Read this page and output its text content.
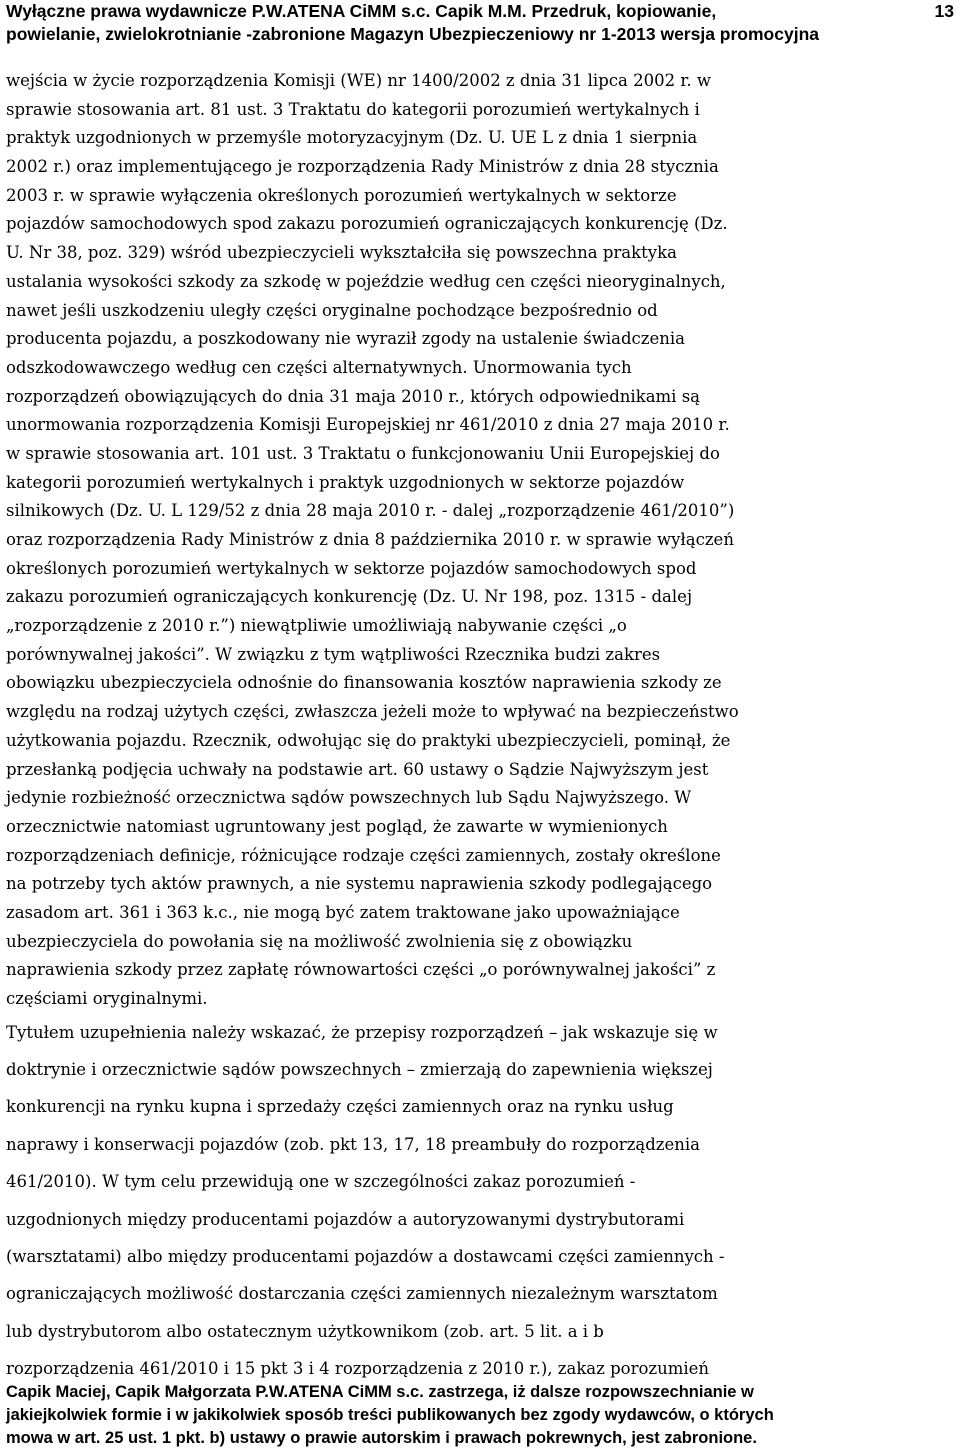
Wyłączne prawa wydawnicze P.W.ATENA CiMM s.c. Capik M.M. Przedruk, kopiowanie,
powielanie, zwielokrotnianie -zabronione Magazyn Ubezpieczeniowy nr 1-2013 wersja promocyjna
13
wejścia w życie rozporządzenia Komisji (WE) nr 1400/2002 z dnia 31 lipca 2002 r. w
sprawie stosowania art. 81 ust. 3 Traktatu do kategorii porozumień wertykalnych i
praktyk uzgodnionych w przemyśle motoryzacyjnym (Dz. U. UE L z dnia 1 sierpnia
2002 r.) oraz implementującego je rozporządzenia Rady Ministrów z dnia 28 stycznia
2003 r. w sprawie wyłączenia określonych porozumień wertykalnych w sektorze
pojazdów samochodowych spod zakazu porozumień ograniczających konkurencję (Dz.
U. Nr 38, poz. 329) wśród ubezpieczycieli wykształciła się powszechna praktyka
ustalania wysokości szkody za szkodę w pojeździe według cen części nieoryginalnych,
nawet jeśli uszkodzeniu uległy części oryginalne pochodzące bezpośrednio od
producenta pojazdu, a poszkodowany nie wyraził zgody na ustalenie świadczenia
odszkodowawczego według cen części alternatywnych. Unormowania tych
rozporządzeń obowiązujących do dnia 31 maja 2010 r., których odpowiednikami są
unormowania rozporządzenia Komisji Europejskiej nr 461/2010 z dnia 27 maja 2010 r.
w sprawie stosowania art. 101 ust. 3 Traktatu o funkcjonowaniu Unii Europejskiej do
kategorii porozumień wertykalnych i praktyk uzgodnionych w sektorze pojazdów
silnikowych (Dz. U. L 129/52 z dnia 28 maja 2010 r. - dalej „rozporządzenie 461/2010”)
oraz rozporządzenia Rady Ministrów z dnia 8 października 2010 r. w sprawie wyłączeń
określonych porozumień wertykalnych w sektorze pojazdów samochodowych spod
zakazu porozumień ograniczających konkurencję (Dz. U. Nr 198, poz. 1315 - dalej
„rozporządzenie z 2010 r.”) niewątpliwie umożliwiają nabywanie części „o
porównywalnej jakości”. W związku z tym wątpliwości Rzecznika budzi zakres
obowiązku ubezpieczyciela odnośnie do finansowania kosztów naprawienia szkody ze
względu na rodzaj użytych części, zwłaszcza jeżeli może to wpływać na bezpieczeństwo
użytkowania pojazdu. Rzecznik, odwołując się do praktyki ubezpieczycieli, pominął, że
przesłanką podjęcia uchwały na podstawie art. 60 ustawy o Sądzie Najwyższym jest
jedynie rozbieżność orzecznictwa sądów powszechnych lub Sądu Najwyższego. W
orzecznictwie natomiast ugruntowany jest pogląd, że zawarte w wymienionych
rozporządzeniach definicje, różnicujące rodzaje części zamiennych, zostały określone
na potrzeby tych aktów prawnych, a nie systemu naprawienia szkody podlegającego
zasadom art. 361 i 363 k.c., nie mogą być zatem traktowane jako upoważniające
ubezpieczyciela do powołania się na możliwość zwolnienia się z obowiązku
naprawienia szkody przez zapłatę równowartości części „o porównywalnej jakości” z
częściami oryginalnymi.
Tytułem uzupełnienia należy wskazać, że przepisy rozporządzeń – jak wskazuje się w
doktrynie i orzecznictwie sądów powszechnych – zmierzają do zapewnienia większej
konkurencji na rynku kupna i sprzedaży części zamiennych oraz na rynku usług
naprawy i konserwacji pojazdów (zob. pkt 13, 17, 18 preambuły do rozporządzenia
461/2010). W tym celu przewidują one w szczególności zakaz porozumień -
uzgodnionych między producentami pojazdów a autoryzowanymi dystrybutorami
(warsztatami) albo między producentami pojazdów a dostawcami części zamiennych -
ograniczających możliwość dostarczania części zamiennych niezależnym warsztatom
lub dystrybutorom albo ostatecznym użytkownikom (zob. art. 5 lit. a i b
rozporządzenia 461/2010 i 15 pkt 3 i 4 rozporządzenia z 2010 r.), zakaz porozumień
Capik Maciej, Capik Małgorzata P.W.ATENA CiMM s.c. zastrzega, iż dalsze rozpowszechnianie w
jakiejkolwiek formie i w jakikolwiek sposób treści publikowanych bez zgody wydawców, o których
mowa w art. 25 ust. 1 pkt. b) ustawy o prawie autorskim i prawach pokrewnych, jest zabronione.
